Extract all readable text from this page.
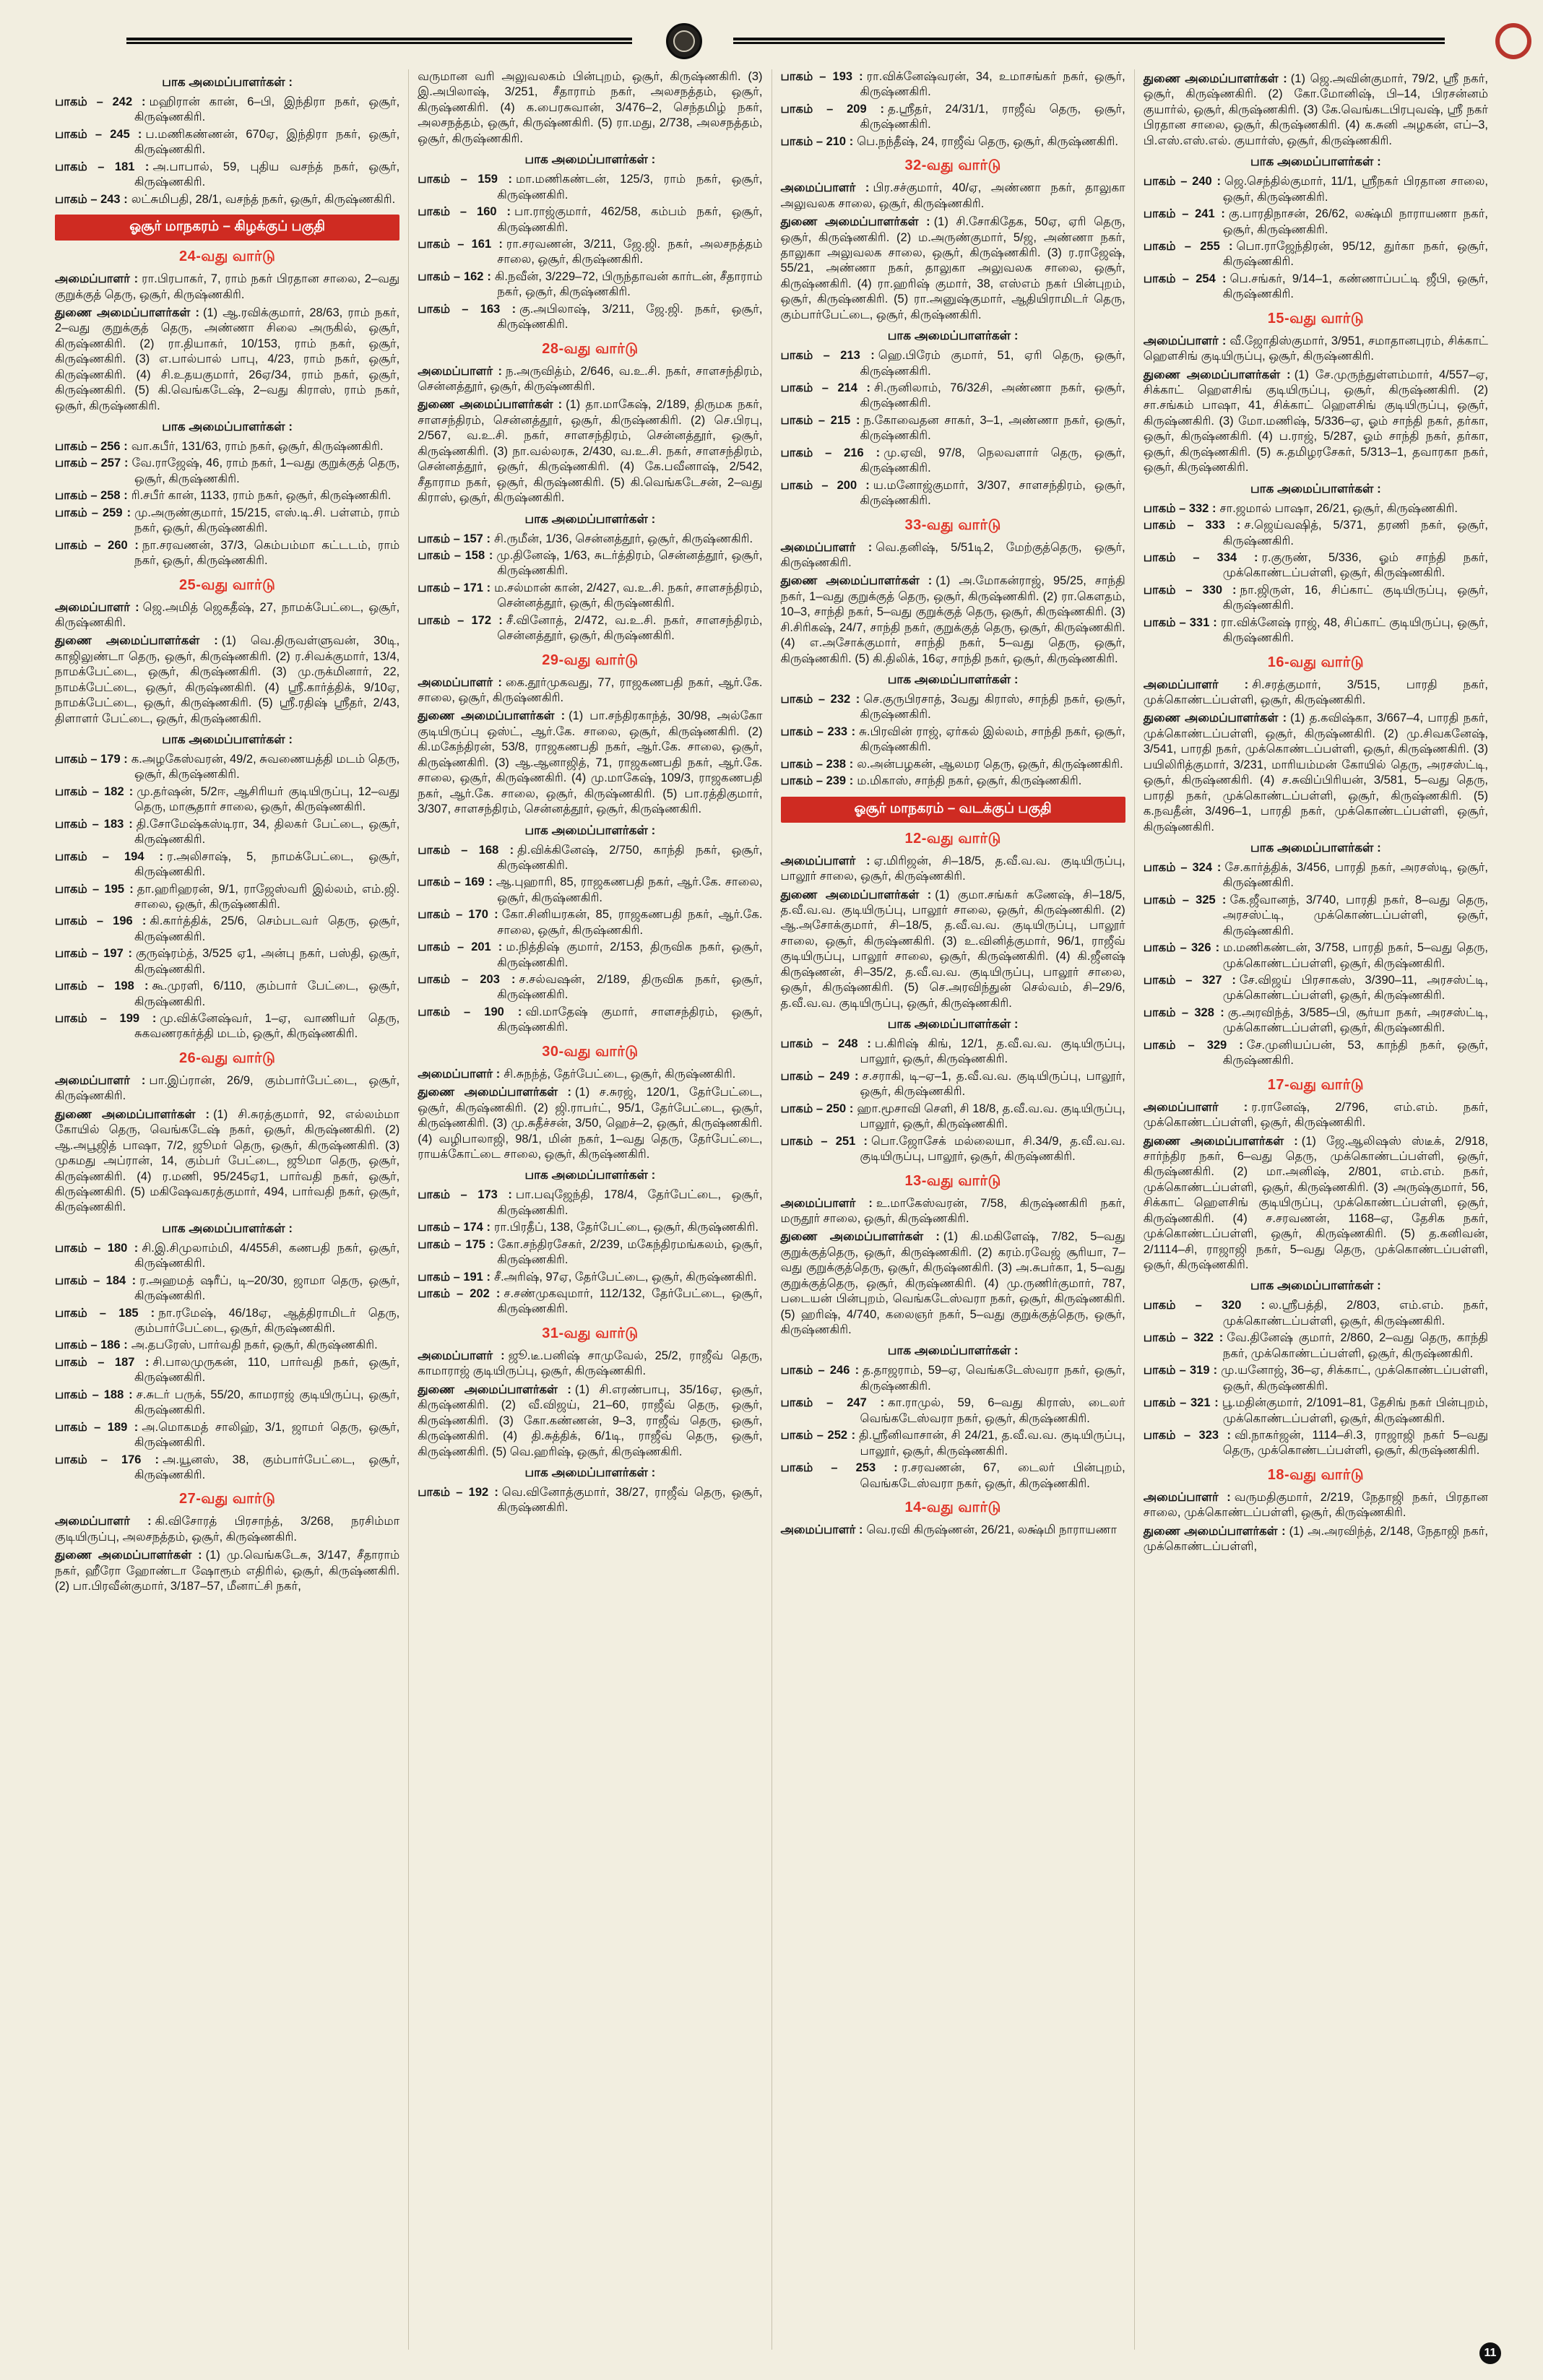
பாக அமைப்பாளர்கள் :

பாகம் – 242 : மஹிரான் கான், 6–பி, இந்திரா நகர், ஒசூர், கிருஷ்ணகிரி.

பாகம் – 245 : ப.மணிகண்ணன், 670ஏ, இந்திரா நகர், ஒசூர், கிருஷ்ணகிரி.

பாகம் – 181 : அ.பாபால், 59, புதிய வசந்த் நகர், ஒசூர், கிருஷ்ணகிரி.

பாகம் – 243 : லட்சுமிபதி, 28/1, வசந்த் நகர், ஒசூர், கிருஷ்ணகிரி.

ஓசூர் மாநகரம் – கிழக்குப் பகுதி
24-வது வார்டு

அமைப்பாளர் : ரா.பிரபாகர், 7, ராம் நகர் பிரதான சாலை, 2–வது குறுக்குத் தெரு, ஒசூர், கிருஷ்ணகிரி.

துணை அமைப்பாளர்கள் : (1) ஆ.ரவிக்குமார், 28/63, ராம் நகர், 2–வது குறுக்குத் தெரு, அண்ணா சிலை அருகில், ஒசூர், கிருஷ்ணகிரி. (2) ரா.தியாகர், 10/153, ராம் நகர், ஒசூர், கிருஷ்ணகிரி. (3) எ.பால்பால் பாபு, 4/23, ராம் நகர், ஒசூர், கிருஷ்ணகிரி. (4) சி.உதயகுமார், 26ஏ/34, ராம் நகர், ஒசூர், கிருஷ்ணகிரி. (5) கி.வெங்கடேஷ், 2–வது கிராஸ், ராம் நகர், ஒசூர், கிருஷ்ணகிரி.

பாக அமைப்பாளர்கள் :

பாகம் – 256 : வா.கபீர், 131/63, ராம் நகர், ஒசூர், கிருஷ்ணகிரி.

பாகம் – 257 : வே.ராஜேஷ், 46, ராம் நகர், 1–வது குறுக்குத் தெரு, ஒசூர், கிருஷ்ணகிரி.

பாகம் – 258 : ரி.சபீர் கான், 1133, ராம் நகர், ஒசூர், கிருஷ்ணகிரி.

பாகம் – 259 : மு.அருண்குமார், 15/215, எஸ்.டி.சி. பள்ளம், ராம் நகர், ஒசூர், கிருஷ்ணகிரி.

பாகம் – 260 : நா.சரவணன், 37/3, கெம்பம்மா கட்டடம், ராம் நகர், ஒசூர், கிருஷ்ணகிரி.

25-வது வார்டு

அமைப்பாளர் : ஜெ.அமித் ஜெகதீஷ், 27, நாமக்பேட்டை, ஒசூர், கிருஷ்ணகிரி.

துணை அமைப்பாளர்கள் : (1) வெ.திருவள்ளுவன், 30டி, காஜிலுண்டா தெரு, ஒசூர், கிருஷ்ணகிரி. (2) ர.சிவக்குமார், 13/4, நாமக்பேட்டை, ஒசூர், கிருஷ்ணகிரி. (3) மு.ருக்மினார், 22, நாமக்பேட்டை, ஒசூர், கிருஷ்ணகிரி. (4) ஸ்ரீ.கார்த்திக், 9/10ஏ, நாமக்பேட்டை, ஒசூர், கிருஷ்ணகிரி. (5) ஸ்ரீ.ரதிஷ் ஸ்ரீதர், 2/43, திளாளர் பேட்டை, ஒசூர், கிருஷ்ணகிரி.

பாக அமைப்பாளர்கள் :

பாகம் – 179 : க.அழகேஸ்வரன், 49/2, சுவணையத்தி மடம் தெரு, ஒசூர், கிருஷ்ணகிரி.

பாகம் – 182 : மு.தர்ஷன், 5/2ஈ, ஆசிரியர் குடியிருப்பு, 12–வது தெரு, மாசூதார் சாலை, ஒசூர், கிருஷ்ணகிரி.

பாகம் – 183 : தி.சோமேஷ்கஸ்டிரா, 34, திலகர் பேட்டை, ஒசூர், கிருஷ்ணகிரி.

பாகம் – 194 : ர.அலிசாஷ், 5, நாமக்பேட்டை, ஒசூர், கிருஷ்ணகிரி.

பாகம் – 195 : தா.ஹரிஹரன், 9/1, ராஜேஸ்வரி இல்லம், எம்.ஜி. சாலை, ஒசூர், கிருஷ்ணகிரி.

பாகம் – 196 : கி.கார்த்திக், 25/6, செம்படவர் தெரு, ஒசூர், கிருஷ்ணகிரி.

பாகம் – 197 : குருஷ்ரம்த், 3/525 ஏ1, அன்பு நகர், பஸ்தி, ஒசூர், கிருஷ்ணகிரி.

பாகம் – 198 : கூ.முரளி, 6/110, கும்பார் பேட்டை, ஒசூர், கிருஷ்ணகிரி.

பாகம் – 199 : மு.விக்னேஷ்வர், 1–ஏ, வாணியர் தெரு, சுகவணரகர்த்தி மடம், ஒசூர், கிருஷ்ணகிரி.

26-வது வார்டு

அமைப்பாளர் : பா.இப்ரான், 26/9, கும்பார்பேட்டை, ஒசூர், கிருஷ்ணகிரி.

துணை அமைப்பாளர்கள் : (1) சி.சுரத்குமார், 92, எல்லம்மா கோயில் தெரு, வெங்கடேஷ் நகர், ஒசூர், கிருஷ்ணகிரி. (2) ஆ.அபூஜித் பாஷா, 7/2, ஜூமர் தெரு, ஒசூர், கிருஷ்ணகிரி. (3) முகமது அப்ரான், 14, கும்பர் பேட்டை, ஜூமா தெரு, ஒசூர், கிருஷ்ணகிரி. (4) ர.மணி, 95/245ஏ1, பார்வதி நகர், ஒசூர், கிருஷ்ணகிரி. (5) மகிஷேவகரத்குமார், 494, பார்வதி நகர், ஒசூர், கிருஷ்ணகிரி.

பாக அமைப்பாளர்கள் :

பாகம் – 180 : சி.இ.சிமுலாம்மி, 4/455சி, கணபதி நகர், ஒசூர், கிருஷ்ணகிரி.

பாகம் – 184 : ர.அஹமத் ஷரீப், டி–20/30, ஜாமா தெரு, ஒசூர், கிருஷ்ணகிரி.

பாகம் – 185 : நா.ரமேஷ், 46/18ஏ, ஆத்திராமிடர் தெரு, கும்பார்பேட்டை, ஒசூர், கிருஷ்ணகிரி.

பாகம் – 186 : அ.தபரேஸ், பார்வதி நகர், ஒசூர், கிருஷ்ணகிரி.

பாகம் – 187 : சி.பாலமுருகன், 110, பார்வதி நகர், ஒசூர், கிருஷ்ணகிரி.

பாகம் – 188 : ச.சுடர் பருக், 55/20, காமராஜ் குடியிருப்பு, ஒசூர், கிருஷ்ணகிரி.

பாகம் – 189 : அ.மொகமத் சாலிஹ், 3/1, ஜாமர் தெரு, ஒசூர், கிருஷ்ணகிரி.

பாகம் – 176 : அ.யூனஸ், 38, கும்பார்பேட்டை, ஒசூர், கிருஷ்ணகிரி.

27-வது வார்டு

அமைப்பாளர் : கி.விசோரத் பிரசாந்த், 3/268, நரசிம்மா குடியிருப்பு, அலசநத்தம், ஒசூர், கிருஷ்ணகிரி.

துணை அமைப்பாளர்கள் : (1) மு.வெங்கடேசு, 3/147, சீதாராம் நகர், ஹீரோ ஹோண்டா ஷோரூம் எதிரில், ஒசூர், கிருஷ்ணகிரி. (2) பா.பிரவீன்குமார், 3/187–57, மீனாட்சி நகர்,

வருமான வரி அலுவலகம் பின்புறம், ஒசூர், கிருஷ்ணகிரி. (3) இ.அபிலாஷ், 3/251, சீதாராம் நகர், அலசநத்தம், ஒசூர், கிருஷ்ணகிரி. (4) க.பைரசுவான், 3/476–2, செந்தமிழ் நகர், அலசநத்தம், ஒசூர், கிருஷ்ணகிரி. (5) ரா.மது, 2/738, அலசநத்தம், ஒசூர், கிருஷ்ணகிரி.

பாக அமைப்பாளர்கள் :

பாகம் – 159 : மா.மணிகண்டன், 125/3, ராம் நகர், ஒசூர், கிருஷ்ணகிரி.

பாகம் – 160 : பா.ராஜ்குமார், 462/58, கம்பம் நகர், ஒசூர், கிருஷ்ணகிரி.

பாகம் – 161 : ரா.சரவணன், 3/211, ஜே.ஜி. நகர், அலசநத்தம் சாலை, ஒசூர், கிருஷ்ணகிரி.

பாகம் – 162 : கி.நவீன், 3/229–72, பிருந்தாவன் கார்டன், சீதாராம் நகர், ஒசூர், கிருஷ்ணகிரி.

பாகம் – 163 : கு.அபிலாஷ், 3/211, ஜே.ஜி. நகர், ஒசூர், கிருஷ்ணகிரி.

28-வது வார்டு

அமைப்பாளர் : ந.அருவித்ம், 2/646, வ.உ.சி. நகர், சாளசந்திரம், சென்னத்தூர், ஒசூர், கிருஷ்ணகிரி.

துணை அமைப்பாளர்கள் : (1) தா.மாகேஷ், 2/189, திருமக நகர், சாளசந்திரம், சென்னத்தூர், ஒசூர், கிருஷ்ணகிரி. (2) செ.பிரபு, 2/567, வ.உ.சி. நகர், சாளசந்திரம், சென்னத்தூர், ஒசூர், கிருஷ்ணகிரி. (3) நா.வல்லரசு, 2/430, வ.உ.சி. நகர், சாளசந்திரம், சென்னத்தூர், ஒசூர், கிருஷ்ணகிரி. (4) கே.பவீனாஷ், 2/542, சீதாராம நகர், ஒசூர், கிருஷ்ணகிரி. (5) கி.வெங்கடேசன், 2–வது கிராஸ், ஒசூர், கிருஷ்ணகிரி.

பாக அமைப்பாளர்கள் :

பாகம் – 157 : சி.ருமீன், 1/36, சென்னத்தூர், ஒசூர், கிருஷ்ணகிரி.

பாகம் – 158 : மு.தினேஷ், 1/63, சுடர்த்திரம், சென்னத்தூர், ஒசூர், கிருஷ்ணகிரி.

பாகம் – 171 : ம.சல்மான் கான், 2/427, வ.உ.சி. நகர், சாளசந்திரம், சென்னத்தூர், ஒசூர், கிருஷ்ணகிரி.

பாகம் – 172 : சீ.வினோத், 2/472, வ.உ.சி. நகர், சாளசந்திரம், சென்னத்தூர், ஒசூர், கிருஷ்ணகிரி.

29-வது வார்டு

அமைப்பாளர் : கை.தூர்முகவது, 77, ராஜகணபதி நகர், ஆர்.கே. சாலை, ஒசூர், கிருஷ்ணகிரி.

துணை அமைப்பாளர்கள் : (1) பா.சந்திரகாந்த், 30/98, அல்கோ குடியிருப்பு ஒஸ்ட், ஆர்.கே. சாலை, ஒசூர், கிருஷ்ணகிரி. (2) கி.மகேந்திரன், 53/8, ராஜகணபதி நகர், ஆர்.கே. சாலை, ஒசூர், கிருஷ்ணகிரி. (3) ஆ.ஆனாஜித், 71, ராஜகணபதி நகர், ஆர்.கே. சாலை, ஒசூர், கிருஷ்ணகிரி. (4) மு.மாகேஷ், 109/3, ராஜகணபதி நகர், ஆர்.கே. சாலை, ஒசூர், கிருஷ்ணகிரி. (5) பா.ரத்திகுமார், 3/307, சாளசந்திரம், சென்னத்தூர், ஒசூர், கிருஷ்ணகிரி.

பாக அமைப்பாளர்கள் :

பாகம் – 168 : தி.விக்கினேஷ், 2/750, காந்தி நகர், ஒசூர், கிருஷ்ணகிரி.

பாகம் – 169 : ஆ.புஹாரி, 85, ராஜகணபதி நகர், ஆர்.கே. சாலை, ஒசூர், கிருஷ்ணகிரி.

பாகம் – 170 : கோ.சினியரகன், 85, ராஜகணபதி நகர், ஆர்.கே. சாலை, ஒசூர், கிருஷ்ணகிரி.

பாகம் – 201 : ம.நித்திஷ் குமார், 2/153, திருவிக நகர், ஒசூர், கிருஷ்ணகிரி.

பாகம் – 203 : ச.சல்வஷன், 2/189, திருவிக நகர், ஒசூர், கிருஷ்ணகிரி.

பாகம் – 190 : வி.மாதேஷ் குமார், சாளசந்திரம், ஒசூர், கிருஷ்ணகிரி.

30-வது வார்டு

அமைப்பாளர் : சி.சுநந்த், தேர்பேட்டை, ஒசூர், கிருஷ்ணகிரி.

துணை அமைப்பாளர்கள் : (1) ச.சுரஜ், 120/1, தேர்பேட்டை, ஒசூர், கிருஷ்ணகிரி. (2) ஜி.ராபர்ட், 95/1, தேர்பேட்டை, ஒசூர், கிருஷ்ணகிரி. (3) மு.சுதீச்சன், 3/50, ஹெச்–2, ஒசூர், கிருஷ்ணகிரி. (4) வழிபாலாஜி, 98/1, மின் நகர், 1–வது தெரு, தேர்பேட்டை, ராயக்கோட்டை சாலை, ஒசூர், கிருஷ்ணகிரி.

பாக அமைப்பாளர்கள் :

பாகம் – 173 : பா.பவுஜேந்தி, 178/4, தேர்பேட்டை, ஒசூர், கிருஷ்ணகிரி.

பாகம் – 174 : ரா.பிரதீப், 138, தேர்பேட்டை, ஒசூர், கிருஷ்ணகிரி.

பாகம் – 175 : கோ.சந்திரசேகர், 2/239, மகேந்திரமங்கலம், ஒசூர், கிருஷ்ணகிரி.

பாகம் – 191 : சீ.அரிஷ், 97ஏ, தேர்பேட்டை, ஒசூர், கிருஷ்ணகிரி.

பாகம் – 202 : ச.சண்முகவுமார், 112/132, தேர்பேட்டை, ஒசூர், கிருஷ்ணகிரி.

31-வது வார்டு

அமைப்பாளர் : ஜூ.டீ.பனிஷ் சாமுவேல், 25/2, ராஜீவ் தெரு, காமாராஜ் குடியிருப்பு, ஒசூர், கிருஷ்ணகிரி.

துணை அமைப்பாளர்கள் : (1) சி.எரண்பாபு, 35/16ஏ, ஒசூர், கிருஷ்ணகிரி. (2) வீ.விஜய், 21–60, ராஜீவ் தெரு, ஒசூர், கிருஷ்ணகிரி. (3) கோ.கண்ணன், 9–3, ராஜீவ் தெரு, ஒசூர், கிருஷ்ணகிரி. (4) தி.சுத்திக், 6/1டி, ராஜீவ் தெரு, ஒசூர், கிருஷ்ணகிரி. (5) வெ.ஹரிஷ், ஒசூர், கிருஷ்ணகிரி.

பாக அமைப்பாளர்கள் :

பாகம் – 192 : வெ.வினோத்குமார், 38/27, ராஜீவ் தெரு, ஒசூர், கிருஷ்ணகிரி.

பாகம் – 193 : ரா.விக்னேஷ்வரன், 34, உமாசங்கர் நகர், ஒசூர், கிருஷ்ணகிரி.

பாகம் – 209 : த.ஸ்ரீதர், 24/31/1, ராஜீவ் தெரு, ஒசூர், கிருஷ்ணகிரி.

பாகம் – 210 : பெ.நந்தீஷ், 24, ராஜீவ் தெரு, ஒசூர், கிருஷ்ணகிரி.

32-வது வார்டு

அமைப்பாளர் : பிர.சச்குமார், 40/ஏ, அண்ணா நகர், தாலுகா அலுவலக சாலை, ஒசூர், கிருஷ்ணகிரி.

துணை அமைப்பாளர்கள் : (1) சி.சோகிதேக, 50ஏ, ஏரி தெரு, ஒசூர், கிருஷ்ணகிரி. (2) ம.அருண்குமார், 5/ஜ, அண்ணா நகர், தாலுகா அலுவலக சாலை, ஒசூர், கிருஷ்ணகிரி. (3) ர.ராஜேஷ், 55/21, அண்ணா நகர், தாலுகா அலுவலக சாலை, ஒசூர், கிருஷ்ணகிரி. (4) ரா.ஹரிஷ் குமார், 38, எஸ்எம் நகர் பின்புறம், ஒசூர், கிருஷ்ணகிரி. (5) ரா.அனுஷ்குமார், ஆதியிராமிடர் தெரு, கும்பார்பேட்டை, ஒசூர், கிருஷ்ணகிரி.

பாக அமைப்பாளர்கள் :

பாகம் – 213 : ஹெ.பிரேம் குமார், 51, ஏரி தெரு, ஒசூர், கிருஷ்ணகிரி.

பாகம் – 214 : சி.ருனிலாம், 76/32சி, அண்ணா நகர், ஒசூர், கிருஷ்ணகிரி.

பாகம் – 215 : ந.கோவைதன சாகர், 3–1, அண்ணா நகர், ஒசூர், கிருஷ்ணகிரி.

பாகம் – 216 : மு.ஏவி, 97/8, நெலவளார் தெரு, ஒசூர், கிருஷ்ணகிரி.

பாகம் – 200 : ய.மனோஜ்குமார், 3/307, சாளசந்திரம், ஒசூர், கிருஷ்ணகிரி.

33-வது வார்டு

அமைப்பாளர் : வெ.தனிஷ், 5/51டி2, மேற்குத்தெரு, ஒசூர், கிருஷ்ணகிரி.

துணை அமைப்பாளர்கள் : (1) அ.மோகன்ராஜ், 95/25, சாந்தி நகர், 1–வது குறுக்குத் தெரு, ஒசூர், கிருஷ்ணகிரி. (2) ரா.கௌதம், 10–3, சாந்தி நகர், 5–வது குறுக்குத் தெரு, ஒசூர், கிருஷ்ணகிரி. (3) சி.சிரிகஷ், 24/7, சாந்தி நகர், குறுக்குத் தெரு, ஒசூர், கிருஷ்ணகிரி. (4) எ.அசோக்குமார், சாந்தி நகர், 5–வது தெரு, ஒசூர், கிருஷ்ணகிரி. (5) கி.திலிக், 16ஏ, சாந்தி நகர், ஒசூர், கிருஷ்ணகிரி.

பாக அமைப்பாளர்கள் :

பாகம் – 232 : செ.குருபிரசாத், 3வது கிராஸ், சாந்தி நகர், ஒசூர், கிருஷ்ணகிரி.

பாகம் – 233 : சு.பிரவின் ராஜ், ஏர்கல் இல்லம், சாந்தி நகர், ஒசூர், கிருஷ்ணகிரி.

பாகம் – 238 : ல.அன்பழகன், ஆலமர தெரு, ஒசூர், கிருஷ்ணகிரி.

பாகம் – 239 : ம.மிகாஸ், சாந்தி நகர், ஒசூர், கிருஷ்ணகிரி.

ஓசூர் மாநகரம் – வடக்குப் பகுதி
12-வது வார்டு

அமைப்பாளர் : ஏ.மிரிஜன், சி–18/5, த.வீ.வ.வ. குடியிருப்பு, பாலூர் சாலை, ஒசூர், கிருஷ்ணகிரி.

துணை அமைப்பாளர்கள் : (1) குமா.சங்கர் கணேஷ், சி–18/5, த.வீ.வ.வ. குடியிருப்பு, பாலூர் சாலை, ஒசூர், கிருஷ்ணகிரி. (2) ஆ.அசோக்குமார், சி–18/5, த.வீ.வ.வ. குடியிருப்பு, பாலூர் சாலை, ஒசூர், கிருஷ்ணகிரி. (3) உ.வினித்குமார், 96/1, ராஜீவ் குடியிருப்பு, பாலூர் சாலை, ஒசூர், கிருஷ்ணகிரி. (4) கி.ஜீனஷ் கிருஷ்ணன், சி–35/2, த.வீ.வ.வ. குடியிருப்பு, பாலூர் சாலை, ஒசூர், கிருஷ்ணகிரி. (5) செ.அரவிந்துன் செல்வம், சி–29/6, த.வீ.வ.வ. குடியிருப்பு, ஒசூர், கிருஷ்ணகிரி.

பாக அமைப்பாளர்கள் :

பாகம் – 248 : ப.கிரிஷ் கிங், 12/1, த.வீ.வ.வ. குடியிருப்பு, பாலூர், ஒசூர், கிருஷ்ணகிரி.

பாகம் – 249 : ச.சராகி, டி–ஏ–1, த.வீ.வ.வ. குடியிருப்பு, பாலூர், ஒசூர், கிருஷ்ணகிரி.

பாகம் – 250 : ஹா.மூசாவி செளி, சி 18/8, த.வீ.வ.வ. குடியிருப்பு, பாலூர், ஒசூர், கிருஷ்ணகிரி.

பாகம் – 251 : பொ.ஜோசேக் மல்லையா, சி.34/9, த.வீ.வ.வ. குடியிருப்பு, பாலூர், ஒசூர், கிருஷ்ணகிரி.

13-வது வார்டு

அமைப்பாளர் : உ.மாகேஸ்வரன், 7/58, கிருஷ்ணகிரி நகர், மருதூர் சாலை, ஒசூர், கிருஷ்ணகிரி.

துணை அமைப்பாளர்கள் : (1) கி.மகிளேஷ், 7/82, 5–வது குறுக்குத்தெரு, ஒசூர், கிருஷ்ணகிரி. (2) கரம்.ரவேஜ் சூரியா, 7–வது குறுக்குத்தெரு, ஒசூர், கிருஷ்ணகிரி. (3) அ.சுபர்கா, 1, 5–வது குறுக்குத்தெரு, ஒசூர், கிருஷ்ணகிரி. (4) மு.ருணிர்குமார், 787, படையன் பின்புறம், வெங்கடேஸ்வரா நகர், ஒசூர், கிருஷ்ணகிரி. (5) ஹரிஷ், 4/740, கலைஞர் நகர், 5–வது குறுக்குத்தெரு, ஒசூர், கிருஷ்ணகிரி.

பாக அமைப்பாளர்கள் :

பாகம் – 246 : த.தாஜராம், 59–ஏ, வெங்கடேஸ்வரா நகர், ஒசூர், கிருஷ்ணகிரி.

பாகம் – 247 : கா.ராமுல், 59, 6–வது கிராஸ், டைலர் வெங்கடேஸ்வரா நகர், ஒசூர், கிருஷ்ணகிரி.

பாகம் – 252 : தி.ஸ்ரீனிவாசான், சி 24/21, த.வீ.வ.வ. குடியிருப்பு, பாலூர், ஒசூர், கிருஷ்ணகிரி.

பாகம் – 253 : ர.சரவணன், 67, டைலர் பின்புறம், வெங்கடேஸ்வரா நகர், ஒசூர், கிருஷ்ணகிரி.

14-வது வார்டு

அமைப்பாளர் : வெ.ரவி கிருஷ்ணன், 26/21, லக்ஷ்மி நாராயணா

துணை அமைப்பாளர்கள் : (1) ஜெ.அவின்குமார், 79/2, ஸ்ரீ நகர், ஒசூர், கிருஷ்ணகிரி. (2) கோ.மோனிஷ், பி–14, பிரசன்னம் குயார்ல், ஒசூர், கிருஷ்ணகிரி. (3) கே.வெங்கடபிரபுவஷ், ஸ்ரீ நகர் பிரதான சாலை, ஒசூர், கிருஷ்ணகிரி. (4) க.சுனி அழகன், எப்–3, பி.எஸ்.எஸ்.எல். குயார்ஸ், ஒசூர், கிருஷ்ணகிரி.

பாக அமைப்பாளர்கள் :

பாகம் – 240 : ஜெ.செந்தில்குமார், 11/1, ஸ்ரீநகர் பிரதான சாலை, ஒசூர், கிருஷ்ணகிரி.

பாகம் – 241 : கு.பாரதிநாசன், 26/62, லக்ஷ்மி நாராயணா நகர், ஒசூர், கிருஷ்ணகிரி.

பாகம் – 255 : பொ.ராஜேந்திரன், 95/12, துர்கா நகர், ஒசூர், கிருஷ்ணகிரி.

பாகம் – 254 : பெ.சங்கர், 9/14–1, கண்ணாப்பட்டி ஜீபி, ஒசூர், கிருஷ்ணகிரி.

15-வது வார்டு

அமைப்பாளர் : வீ.ஜோதிஸ்குமார், 3/951, சமாதானபுரம், சிக்காட் ஹௌசிங் குடியிருப்பு, ஒசூர், கிருஷ்ணகிரி.

துணை அமைப்பாளர்கள் : (1) சே.முருந்துள்ளம்மார், 4/557–ஏ, சிக்காட் ஹௌசிங் குடியிருப்பு, ஒசூர், கிருஷ்ணகிரி. (2) சா.சங்கம் பாஷா, 41, சிக்காட் ஹௌசிங் குடியிருப்பு, ஒசூர், கிருஷ்ணகிரி. (3) மோ.மணிஷ், 5/336–ஏ, ஓம் சாந்தி நகர், தர்கா, ஒசூர், கிருஷ்ணகிரி. (4) ப.ராஜ், 5/287, ஓம் சாந்தி நகர், தர்கா, ஒசூர், கிருஷ்ணகிரி. (5) சு.தமிழரசேகர், 5/313–1, தவாரகா நகர், ஒசூர், கிருஷ்ணகிரி.

பாக அமைப்பாளர்கள் :

பாகம் – 332 : சா.ஜமால் பாஷா, 26/21, ஒசூர், கிருஷ்ணகிரி.

பாகம் – 333 : ச.ஜெய்வஷித், 5/371, தரணி நகர், ஒசூர், கிருஷ்ணகிரி.

பாகம் – 334 : ர.குருண், 5/336, ஓம் சாந்தி நகர், முக்கொண்டப்பள்ளி, ஒசூர், கிருஷ்ணகிரி.

பாகம் – 330 : நா.ஜிருள், 16, சிப்காட் குடியிருப்பு, ஒசூர், கிருஷ்ணகிரி.

பாகம் – 331 : ரா.விக்னேஷ் ராஜ், 48, சிப்காட் குடியிருப்பு, ஒசூர், கிருஷ்ணகிரி.

16-வது வார்டு

அமைப்பாளர் : சி.சரத்குமார், 3/515, பாரதி நகர், முக்கொண்டப்பள்ளி, ஒசூர், கிருஷ்ணகிரி.

துணை அமைப்பாளர்கள் : (1) த.கவிஷ்கா, 3/667–4, பாரதி நகர், முக்கொண்டப்பள்ளி, ஒசூர், கிருஷ்ணகிரி. (2) மு.சிவகனேஷ், 3/541, பாரதி நகர், முக்கொண்டப்பள்ளி, ஒசூர், கிருஷ்ணகிரி. (3) பயிலிரித்குமார், 3/231, மாரியம்மன் கோயில் தெரு, அரசஸ்ட்டி, ஒசூர், கிருஷ்ணகிரி. (4) ச.சுவிப்பிரியன், 3/581, 5–வது தெரு, பாரதி நகர், முக்கொண்டப்பள்ளி, ஒசூர், கிருஷ்ணகிரி. (5) க.நவதீன், 3/496–1, பாரதி நகர், முக்கொண்டப்பள்ளி, ஒசூர், கிருஷ்ணகிரி.

பாக அமைப்பாளர்கள் :

பாகம் – 324 : சே.கார்த்திக், 3/456, பாரதி நகர், அரசஸ்டி, ஒசூர், கிருஷ்ணகிரி.

பாகம் – 325 : கே.ஜீவானந், 3/740, பாரதி நகர், 8–வது தெரு, அரசஸ்ட்டி, முக்கொண்டப்பள்ளி, ஒசூர், கிருஷ்ணகிரி.

பாகம் – 326 : ம.மணிகண்டன், 3/758, பாரதி நகர், 5–வது தெரு, முக்கொண்டப்பள்ளி, ஒசூர், கிருஷ்ணகிரி.

பாகம் – 327 : சே.விஜய் பிரசாகஸ், 3/390–11, அரசஸ்ட்டி, முக்கொண்டப்பள்ளி, ஒசூர், கிருஷ்ணகிரி.

பாகம் – 328 : கு.அரவிந்த், 3/585–பி, சூர்யா நகர், அரசஸ்ட்டி, முக்கொண்டப்பள்ளி, ஒசூர், கிருஷ்ணகிரி.

பாகம் – 329 : சே.முனியப்பன், 53, காந்தி நகர், ஒசூர், கிருஷ்ணகிரி.

17-வது வார்டு

அமைப்பாளர் : ர.ரானேஷ், 2/796, எம்.எம். நகர், முக்கொண்டப்பள்ளி, ஒசூர், கிருஷ்ணகிரி.

துணை அமைப்பாளர்கள் : (1) ஜே.ஆலிஷஸ் ஸ்டீக், 2/918, சார்ந்திர நகர், 6–வது தெரு, முக்கொண்டப்பள்ளி, ஒசூர், கிருஷ்ணகிரி. (2) மா.அனிஷ், 2/801, எம்.எம். நகர், முக்கொண்டப்பள்ளி, ஒசூர், கிருஷ்ணகிரி. (3) அருஷ்குமார், 56, சிக்காட் ஹௌசிங் குடியிருப்பு, முக்கொண்டப்பள்ளி, ஒசூர், கிருஷ்ணகிரி. (4) ச.சரவணன், 1168–ஏ, தேசிக நகர், முக்கொண்டப்பள்ளி, ஒசூர், கிருஷ்ணகிரி. (5) த.கனிவன், 2/1114–சி, ராஜாஜி நகர், 5–வது தெரு, முக்கொண்டப்பள்ளி, ஒசூர், கிருஷ்ணகிரி.

பாக அமைப்பாளர்கள் :

பாகம் – 320 : ல.ஸ்ரீபத்தி, 2/803, எம்.எம். நகர், முக்கொண்டப்பள்ளி, ஒசூர், கிருஷ்ணகிரி.

பாகம் – 322 : வே.தினேஷ் குமார், 2/860, 2–வது தெரு, காந்தி நகர், முக்கொண்டப்பள்ளி, ஒசூர், கிருஷ்ணகிரி.

பாகம் – 319 : மு.யனோஜ், 36–ஏ, சிக்காட், முக்கொண்டப்பள்ளி, ஒசூர், கிருஷ்ணகிரி.

பாகம் – 321 : பூ.மதின்குமார், 2/1091–81, தேசிங் நகர் பின்புறம், முக்கொண்டப்பள்ளி, ஒசூர், கிருஷ்ணகிரி.

பாகம் – 323 : வி.நாகர்ஜன், 1114–சி.3, ராஜாஜி நகர் 5–வது தெரு, முக்கொண்டப்பள்ளி, ஒசூர், கிருஷ்ணகிரி.

18-வது வார்டு

அமைப்பாளர் : வருமதிகுமார், 2/219, நேதாஜி நகர், பிரதான சாலை, முக்கொண்டப்பள்ளி, ஒசூர், கிருஷ்ணகிரி.

துணை அமைப்பாளர்கள் : (1) அ.அரவிந்த், 2/148, நேதாஜி நகர், முக்கொண்டப்பள்ளி,

11
